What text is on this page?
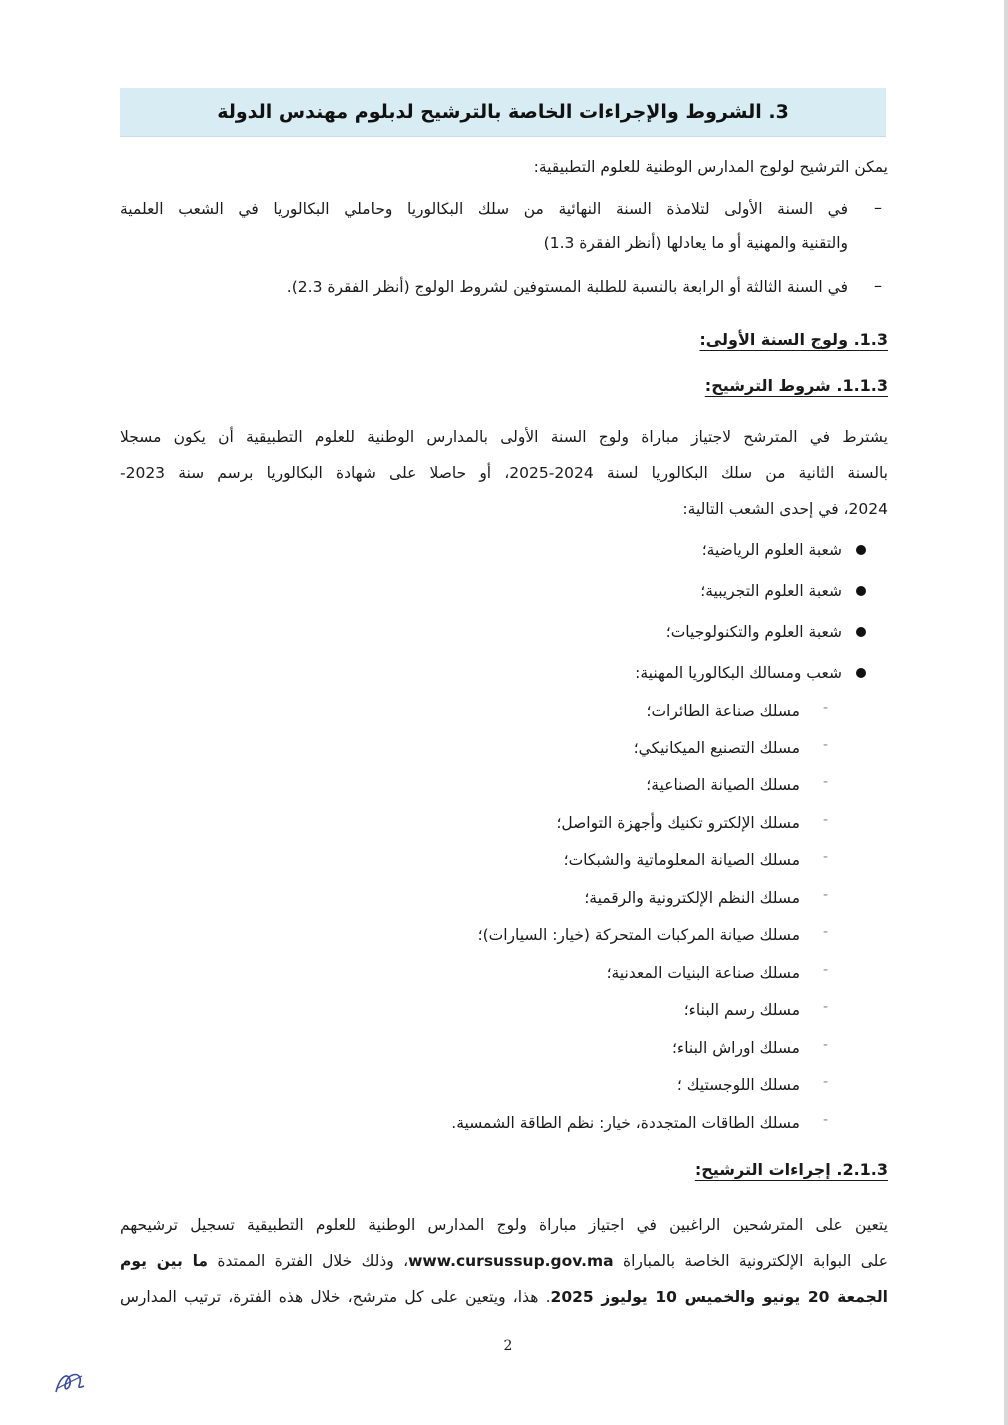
3. الشروط والإجراءات الخاصة بالترشيح لدبلوم مهندس الدولة
يمكن الترشيح لولوج المدارس الوطنية للعلوم التطبيقية:
–
في السنة الأولى لتلامذة السنة النهائية من سلك البكالوريا وحاملي البكالوريا في الشعب العلمية
والتقنية والمهنية أو ما يعادلها (أنظر الفقرة 1.3)
–
في السنة الثالثة أو الرابعة بالنسبة للطلبة المستوفين لشروط الولوج (أنظر الفقرة 2.3).
1.3. ولوج السنة الأولى:
1.1.3. شروط الترشيح:
يشترط في المترشح لاجتياز مباراة ولوج السنة الأولى بالمدارس الوطنية للعلوم التطبيقية أن يكون مسجلا
بالسنة الثانية من سلك البكالوريا لسنة 2024-2025، أو حاصلا على شهادة البكالوريا برسم سنة 2023-
2024، في إحدى الشعب التالية:
شعبة العلوم الرياضية؛
شعبة العلوم التجريبية؛
شعبة العلوم والتكنولوجيات؛
شعب ومسالك البكالوريا المهنية:
-
مسلك صناعة الطائرات؛
-
مسلك التصنيع الميكانيكي؛
-
مسلك الصيانة الصناعية؛
-
مسلك الإلكترو تكنيك وأجهزة التواصل؛
-
مسلك الصيانة المعلوماتية والشبكات؛
-
مسلك النظم الإلكترونية والرقمية؛
-
مسلك صيانة المركبات المتحركة (خيار: السيارات)؛
-
مسلك صناعة البنيات المعدنية؛
-
مسلك رسم البناء؛
-
مسلك اوراش البناء؛
-
مسلك اللوجستيك ؛
-
مسلك الطاقات المتجددة، خيار: نظم الطاقة الشمسية.
2.1.3. إجراءات الترشيح:
يتعين على المترشحين الراغبين في اجتياز مباراة ولوج المدارس الوطنية للعلوم التطبيقية تسجيل ترشيحهم
على البوابة الإلكترونية الخاصة بالمباراة www.cursussup.gov.ma، وذلك خلال الفترة الممتدة ما بين يوم
الجمعة 20 يونيو والخميس 10 يوليوز 2025. هذا، ويتعين على كل مترشح، خلال هذه الفترة، ترتيب المدارس
2
